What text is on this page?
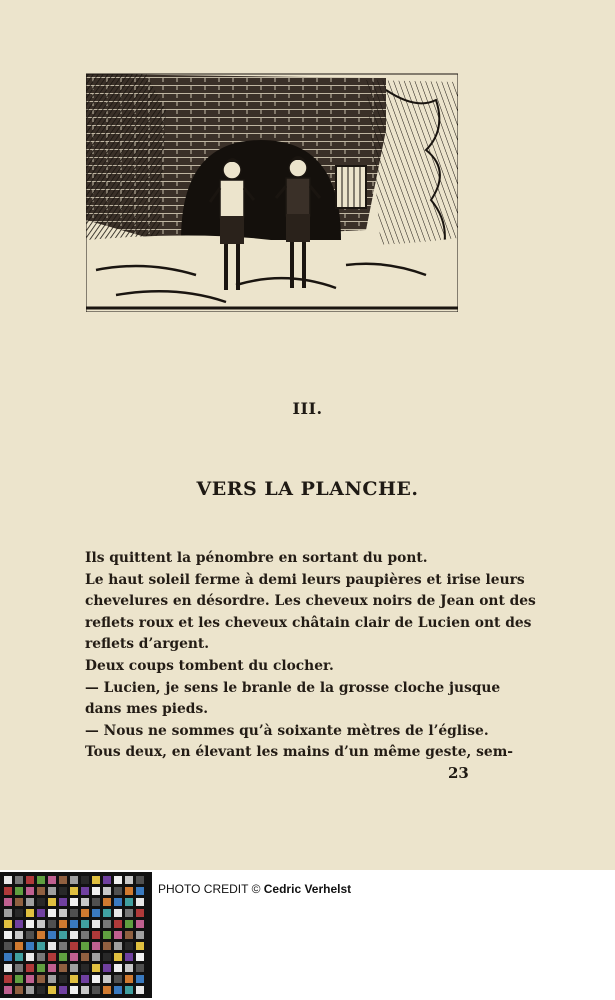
III.
VERS LA PLANCHE.
Ils quittent la pénombre en sortant du pont.
Le haut soleil ferme à demi leurs paupières et irise leurs
chevelures en désordre. Les cheveux noirs de Jean ont des
reflets roux et les cheveux châtain clair de Lucien ont des
reflets d’argent.
Deux coups tombent du clocher.
— Lucien, je sens le branle de la grosse cloche jusque
dans mes pieds.
— Nous ne sommes qu’à soixante mètres de l’église.
Tous deux, en élevant les mains d’un même geste, sem-
23
PHOTO CREDIT © Cedric Verhelst
